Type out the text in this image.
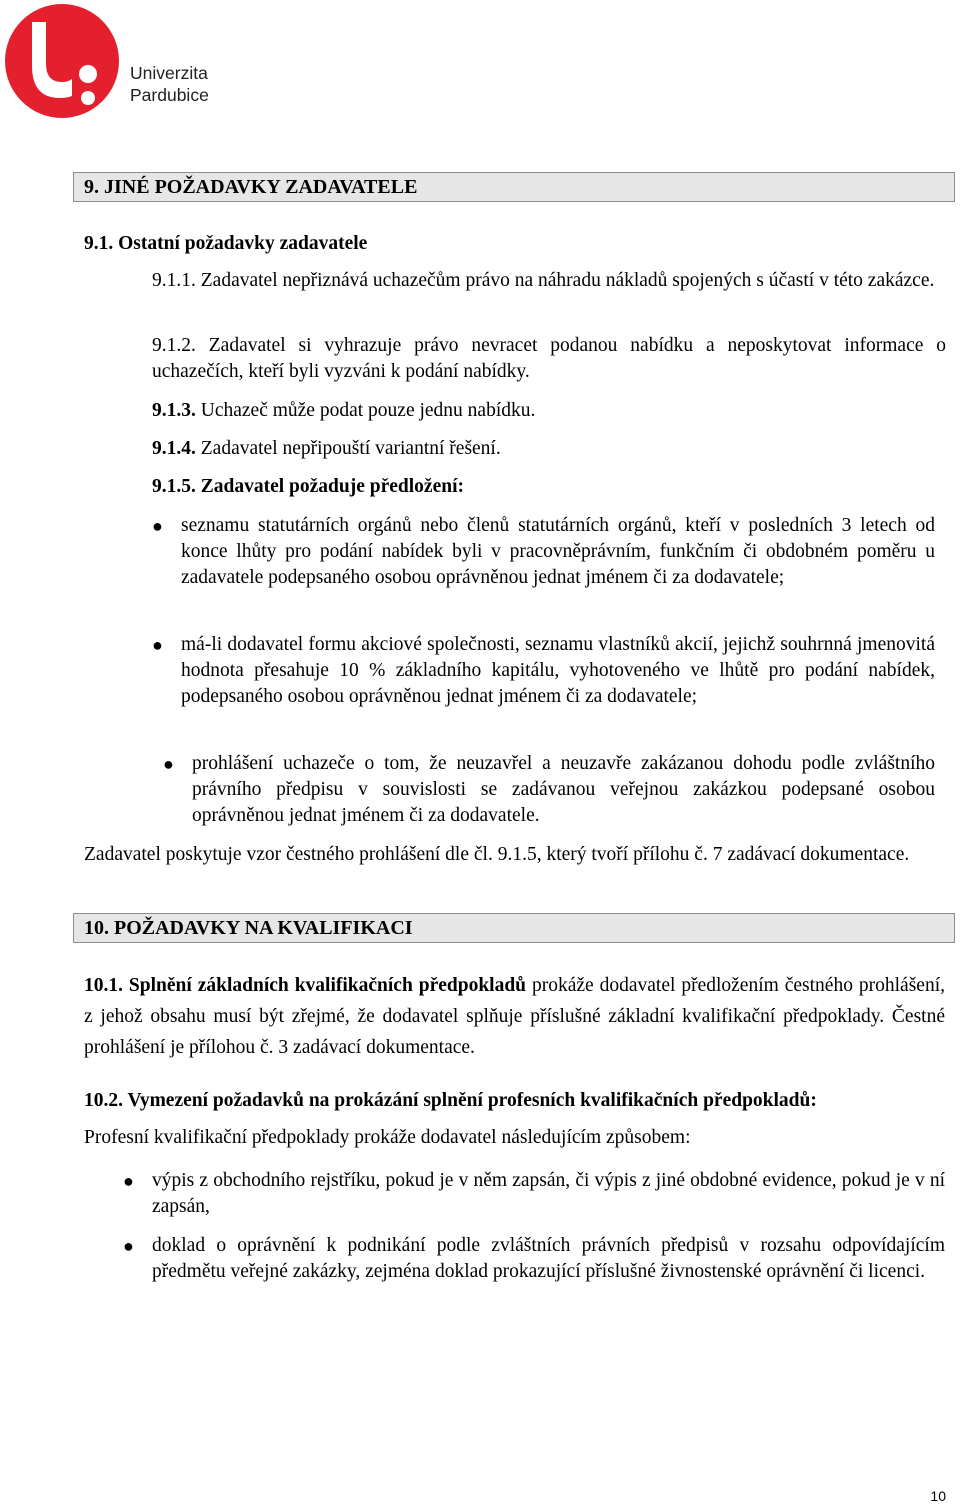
Univerzita
Pardubice
9. JINÉ POŽADAVKY ZADAVATELE
9.1. Ostatní požadavky zadavatele
9.1.1. Zadavatel nepřiznává uchazečům právo na náhradu nákladů spojených s účastí v této zakázce.
9.1.2. Zadavatel si vyhrazuje právo nevracet podanou nabídku a neposkytovat informace o uchazečích, kteří byli vyzváni k podání nabídky.
9.1.3. Uchazeč může podat pouze jednu nabídku.
9.1.4. Zadavatel nepřipouští variantní řešení.
9.1.5. Zadavatel požaduje předložení:
● seznamu statutárních orgánů nebo členů statutárních orgánů, kteří v posledních 3 letech od konce lhůty pro podání nabídek byli v pracovněprávním, funkčním či obdobném poměru u zadavatele podepsaného osobou oprávněnou jednat jménem či za dodavatele;
● má-li dodavatel formu akciové společnosti, seznamu vlastníků akcií, jejichž souhrnná jmenovitá hodnota přesahuje 10 % základního kapitálu, vyhotoveného ve lhůtě pro podání nabídek, podepsaného osobou oprávněnou jednat jménem či za dodavatele;
● prohlášení uchazeče o tom, že neuzavřel a neuzavře zakázanou dohodu podle zvláštního právního předpisu v souvislosti se zadávanou veřejnou zakázkou podepsané osobou oprávněnou jednat jménem či za dodavatele.
Zadavatel poskytuje vzor čestného prohlášení dle čl. 9.1.5, který tvoří přílohu č. 7 zadávací dokumentace.
10. POŽADAVKY NA KVALIFIKACI
10.1. Splnění základních kvalifikačních předpokladů prokáže dodavatel předložením čestného prohlášení, z jehož obsahu musí být zřejmé, že dodavatel splňuje příslušné základní kvalifikační předpoklady. Čestné prohlášení je přílohou č. 3 zadávací dokumentace.
10.2. Vymezení požadavků na prokázání splnění profesních kvalifikačních předpokladů:
Profesní kvalifikační předpoklady prokáže dodavatel následujícím způsobem:
● výpis z obchodního rejstříku, pokud je v něm zapsán, či výpis z jiné obdobné evidence, pokud je v ní zapsán,
● doklad o oprávnění k podnikání podle zvláštních právních předpisů v rozsahu odpovídajícím předmětu veřejné zakázky, zejména doklad prokazující příslušné živnostenské oprávnění či licenci.
10
